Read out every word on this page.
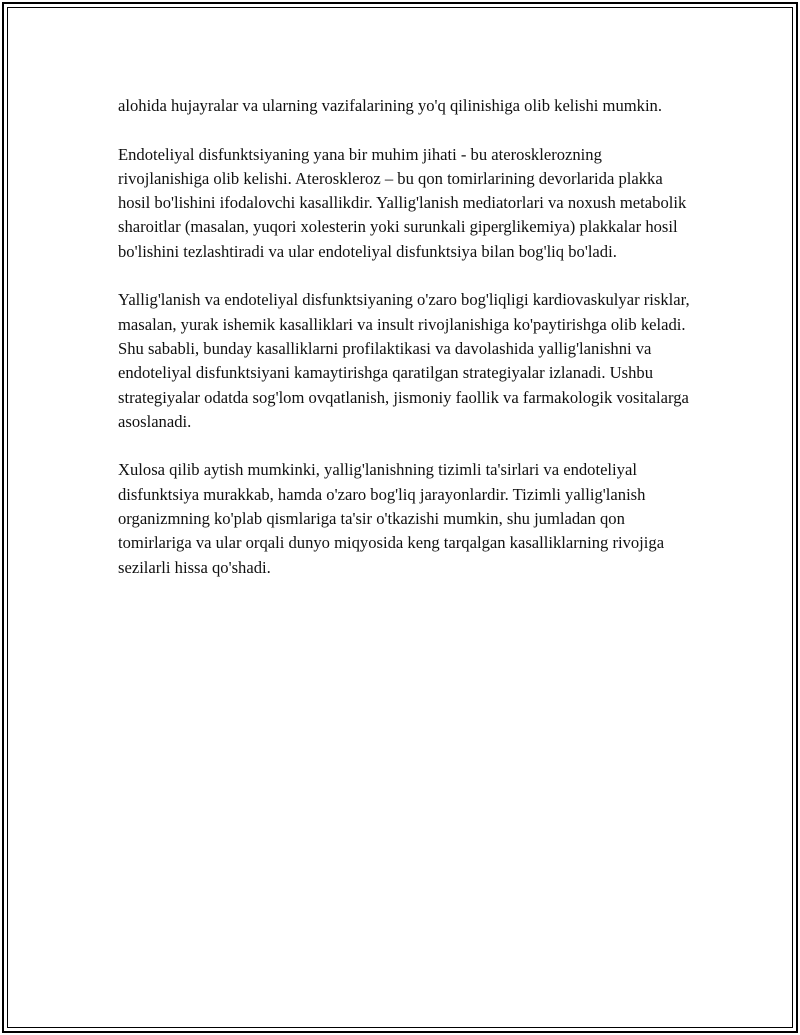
alohida hujayralar va ularning vazifalarining yo'q qilinishiga olib kelishi mumkin.

Endoteliyal disfunktsiyaning yana bir muhim jihati - bu aterosklerozning rivojlanishiga olib kelishi. Ateroskleroz – bu qon tomirlarining devorlarida plakka hosil bo'lishini ifodalovchi kasallikdir. Yallig'lanish mediatorlari va noxush metabolik sharoitlar (masalan, yuqori xolesterin yoki surunkali giperglikemiya) plakkalar hosil bo'lishini tezlashtiradi va ular endoteliyal disfunktsiya bilan bog'liq bo'ladi.

Yallig'lanish va endoteliyal disfunktsiyaning o'zaro bog'liqligi kardiovaskulyar risklar, masalan, yurak ishemik kasalliklari va insult rivojlanishiga ko'paytirishga olib keladi. Shu sababli, bunday kasalliklarni profilaktikasi va davolashida yallig'lanishni va endoteliyal disfunktsiyani kamaytirishga qaratilgan strategiyalar izlanadi. Ushbu strategiyalar odatda sog'lom ovqatlanish, jismoniy faollik va farmakologik vositalarga asoslanadi.

Xulosa qilib aytish mumkinki, yallig'lanishning tizimli ta'sirlari va endoteliyal disfunktsiya murakkab, hamda o'zaro bog'liq jarayonlardir. Tizimli yallig'lanish organizmning ko'plab qismlariga ta'sir o'tkazishi mumkin, shu jumladan qon tomirlariga va ular orqali dunyo miqyosida keng tarqalgan kasalliklarning rivojiga sezilarli hissa qo'shadi.
